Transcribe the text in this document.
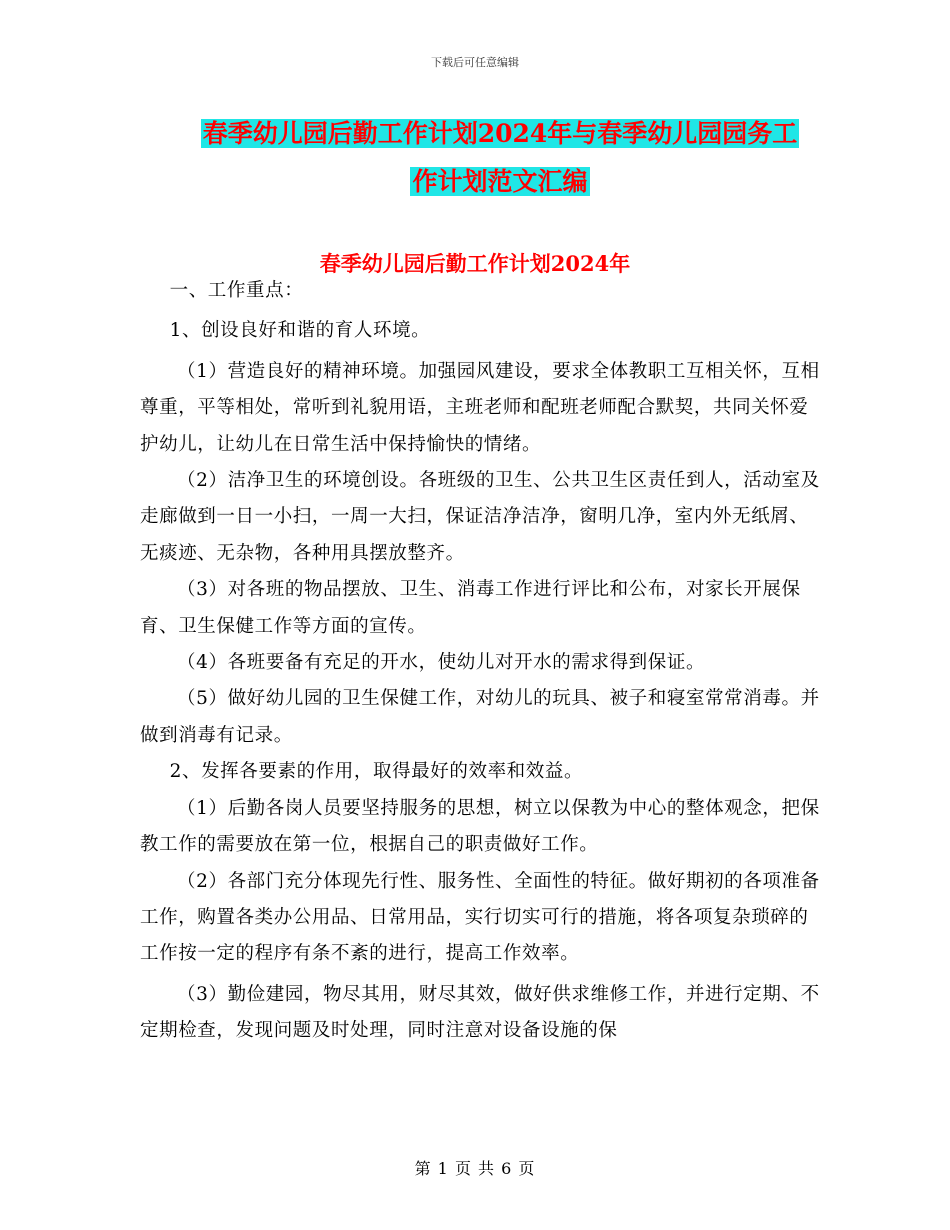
下载后可任意编辑
春季幼儿园后勤工作计划2024年与春季幼儿园园务工
作计划范文汇编
春季幼儿园后勤工作计划2024年

一、工作重点：

1、创设良好和谐的育人环境。

（1）营造良好的精神环境。加强园风建设，要求全体教职工互相关怀，互相尊重，平等相处，常听到礼貌用语，主班老师和配班老师配合默契，共同关怀爱护幼儿，让幼儿在日常生活中保持愉快的情绪。

（2）洁净卫生的环境创设。各班级的卫生、公共卫生区责任到人，活动室及走廊做到一日一小扫，一周一大扫，保证洁净洁净，窗明几净，室内外无纸屑、无痰迹、无杂物，各种用具摆放整齐。

（3）对各班的物品摆放、卫生、消毒工作进行评比和公布，对家长开展保育、卫生保健工作等方面的宣传。

（4）各班要备有充足的开水，使幼儿对开水的需求得到保证。

（5）做好幼儿园的卫生保健工作，对幼儿的玩具、被子和寝室常常消毒。并做到消毒有记录。

2、发挥各要素的作用，取得最好的效率和效益。

（1）后勤各岗人员要坚持服务的思想，树立以保教为中心的整体观念，把保教工作的需要放在第一位，根据自己的职责做好工作。

（2）各部门充分体现先行性、服务性、全面性的特征。做好期初的各项准备工作，购置各类办公用品、日常用品，实行切实可行的措施，将各项复杂琐碎的工作按一定的程序有条不紊的进行，提高工作效率。

（3）勤俭建园，物尽其用，财尽其效，做好供求维修工作，并进行定期、不定期检查，发现问题及时处理，同时注意对设备设施的保

第 1 页 共 6 页
